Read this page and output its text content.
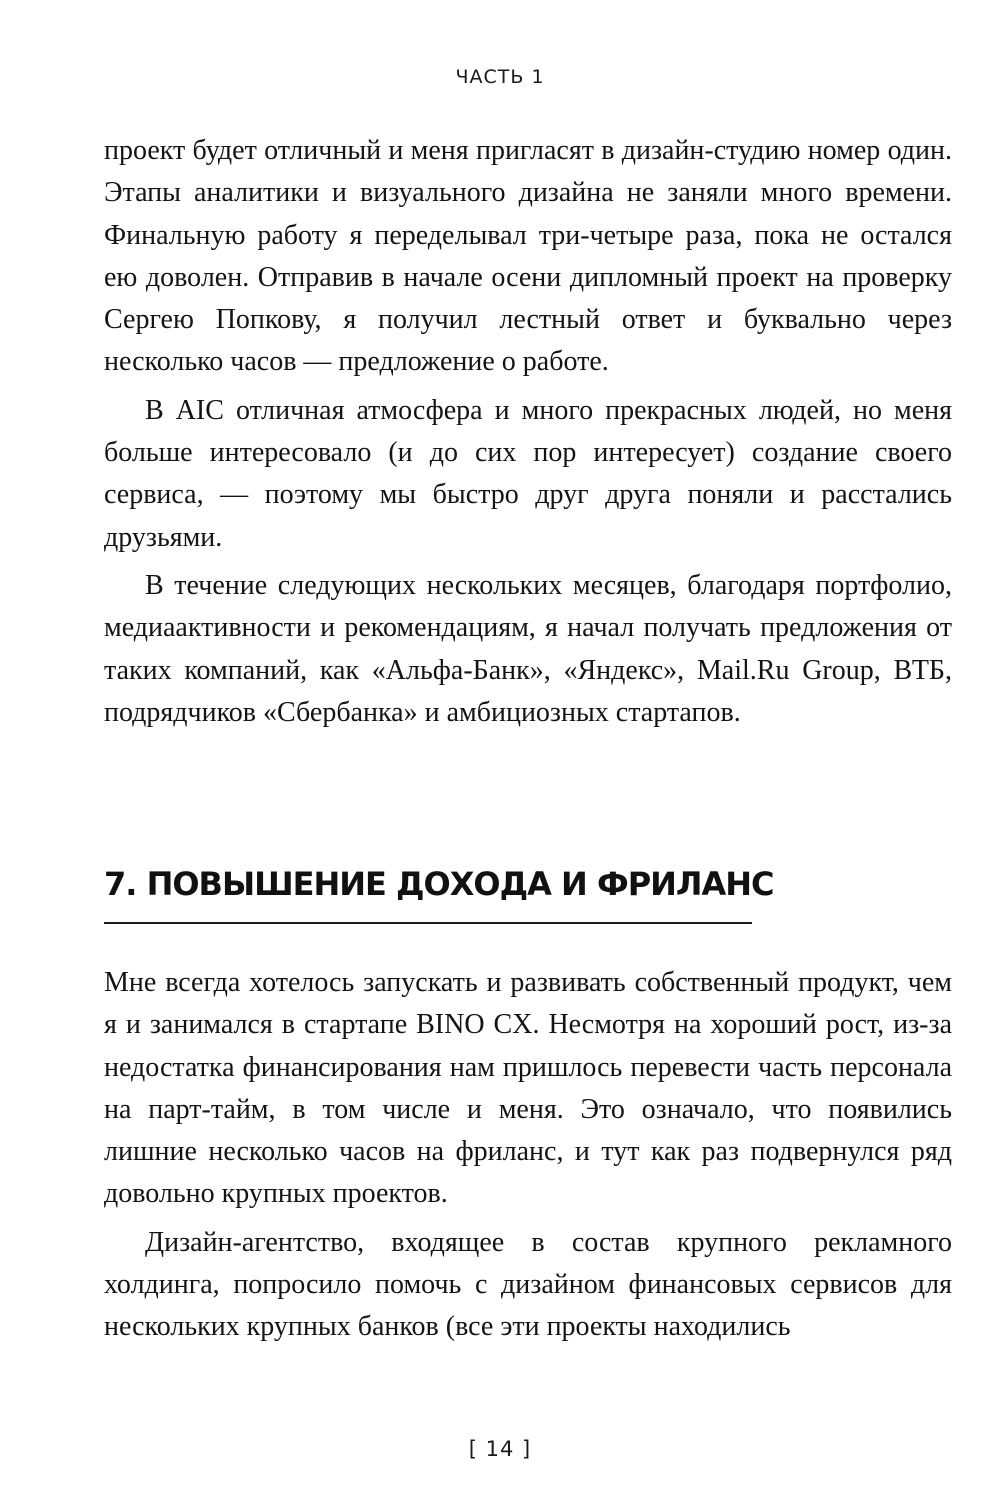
ЧАСТЬ 1

проект будет отличный и меня пригласят в дизайн-студию номер один. Этапы аналитики и визуального дизайна не заняли много времени. Финальную работу я переделывал три-четыре раза, пока не остался ею доволен. Отправив в начале осени дипломный проект на проверку Сергею Попкову, я получил лестный ответ и буквально через несколько часов — предложение о работе.

В AIC отличная атмосфера и много прекрасных людей, но меня больше интересовало (и до сих пор интересует) создание своего сервиса, — поэтому мы быстро друг друга поняли и расстались друзьями.

В течение следующих нескольких месяцев, благодаря портфолио, медиаактивности и рекомендациям, я начал получать предложения от таких компаний, как «Альфа-Банк», «Яндекс», Mail.Ru Group, ВТБ, подрядчиков «Сбербанка» и амбициозных стартапов.

7. ПОВЫШЕНИЕ ДОХОДА И ФРИЛАНС

Мне всегда хотелось запускать и развивать собственный продукт, чем я и занимался в стартапе BINO CX. Несмотря на хороший рост, из-за недостатка финансирования нам пришлось перевести часть персонала на парт-тайм, в том числе и меня. Это означало, что появились лишние несколько часов на фриланс, и тут как раз подвернулся ряд довольно крупных проектов.

Дизайн-агентство, входящее в состав крупного рекламного холдинга, попросило помочь с дизайном финансовых сервисов для нескольких крупных банков (все эти проекты находились

[ 14 ]
